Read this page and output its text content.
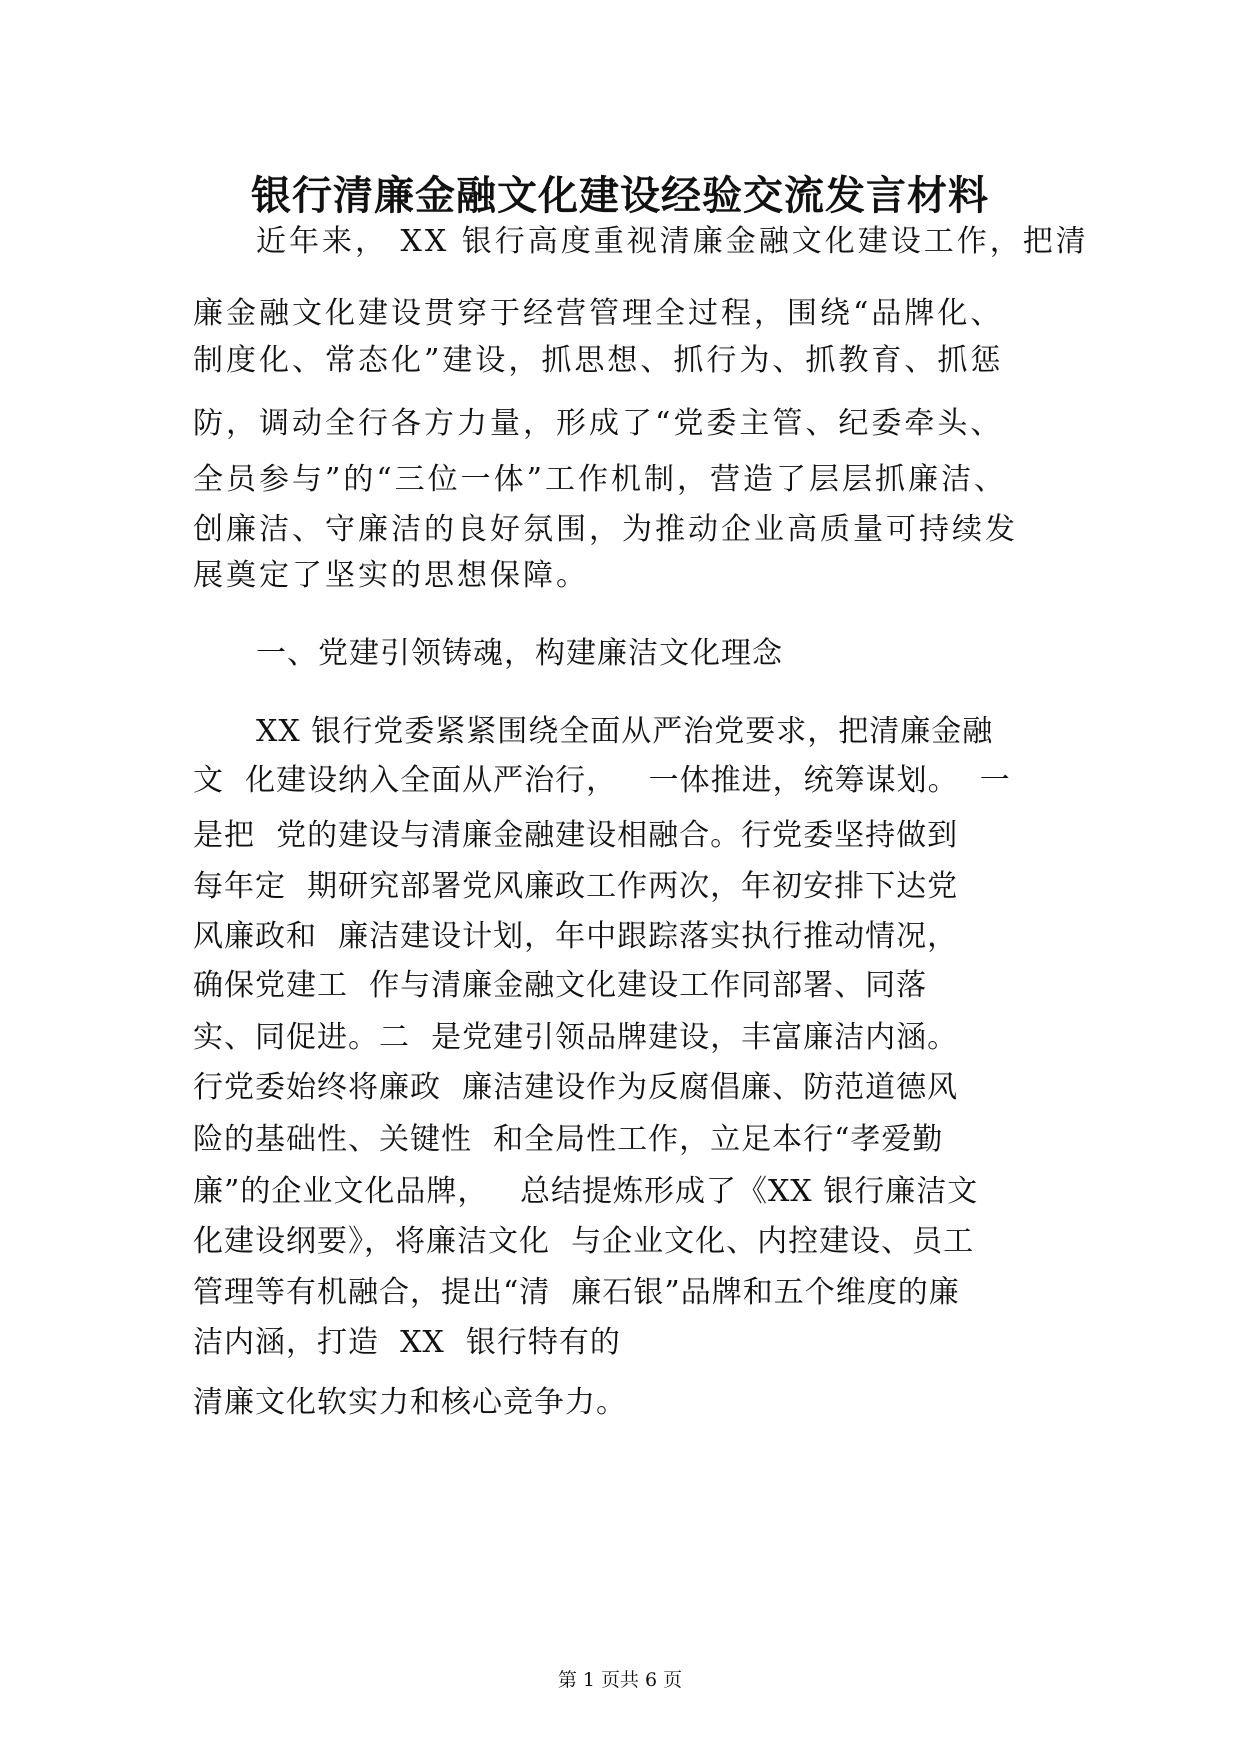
银行清廉金融文化建设经验交流发言材料
近年来， XX 银行高度重视清廉金融文化建设工作，把清
廉金融文化建设贯穿于经营管理全过程，围绕“品牌化、
制度化、常态化”建设，抓思想、抓行为、抓教育、抓惩
防，调动全行各方力量，形成了“党委主管、纪委牵头、
全员参与”的“三位一体”工作机制，营造了层层抓廉洁、
创廉洁、守廉洁的良好氛围，为推动企业高质量可持续发
展奠定了坚实的思想保障。
一、党建引领铸魂，构建廉洁文化理念
XX 银行党委紧紧围绕全面从严治党要求，把清廉金融
文  化建设纳入全面从严治行，   一体推进，统筹谋划。  一
是把  党的建设与清廉金融建设相融合。行党委坚持做到
每年定  期研究部署党风廉政工作两次，年初安排下达党
风廉政和  廉洁建设计划，年中跟踪落实执行推动情况，
确保党建工  作与清廉金融文化建设工作同部署、同落
实、同促进。二  是党建引领品牌建设，丰富廉洁内涵。
行党委始终将廉政  廉洁建设作为反腐倡廉、防范道德风
险的基础性、关键性  和全局性工作，立足本行“孝爱勤
廉”的企业文化品牌，   总结提炼形成了《XX 银行廉洁文
化建设纲要》，将廉洁文化  与企业文化、内控建设、员工
管理等有机融合，提出“清  廉石银”品牌和五个维度的廉
洁内涵，打造  XX  银行特有的
清廉文化软实力和核心竞争力。
第 1 页共 6 页
